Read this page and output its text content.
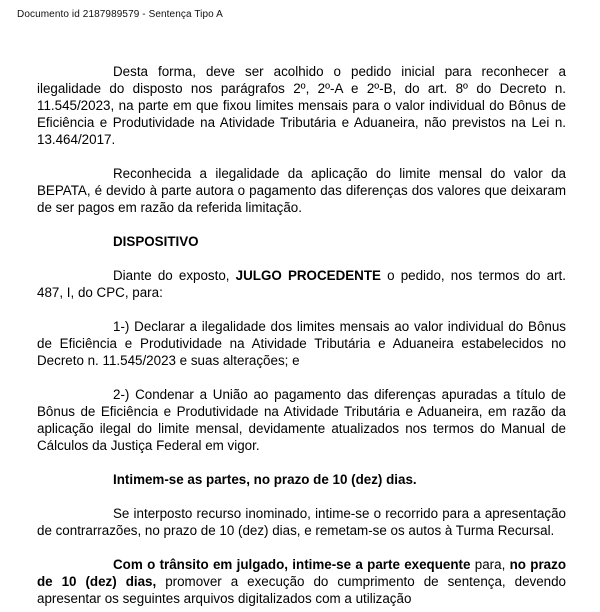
Documento id 2187989579 - Sentença Tipo A

Desta forma, deve ser acolhido o pedido inicial para reconhecer a ilegalidade do disposto nos parágrafos 2º, 2º-A e 2º-B, do art. 8º do Decreto n. 11.545/2023, na parte em que fixou limites mensais para o valor individual do Bônus de Eficiência e Produtividade na Atividade Tributária e Aduaneira, não previstos na Lei n. 13.464/2017.

Reconhecida a ilegalidade da aplicação do limite mensal do valor da BEPATA, é devido à parte autora o pagamento das diferenças dos valores que deixaram de ser pagos em razão da referida limitação.

DISPOSITIVO

Diante do exposto, JULGO PROCEDENTE o pedido, nos termos do art. 487, I, do CPC, para:

1-) Declarar a ilegalidade dos limites mensais ao valor individual do Bônus de Eficiência e Produtividade na Atividade Tributária e Aduaneira estabelecidos no Decreto n. 11.545/2023 e suas alterações; e

2-) Condenar a União ao pagamento das diferenças apuradas a título de Bônus de Eficiência e Produtividade na Atividade Tributária e Aduaneira, em razão da aplicação ilegal do limite mensal, devidamente atualizados nos termos do Manual de Cálculos da Justiça Federal em vigor.

Intimem-se as partes, no prazo de 10 (dez) dias.

Se interposto recurso inominado, intime-se o recorrido para a apresentação de contrarrazões, no prazo de 10 (dez) dias, e remetam-se os autos à Turma Recursal.

Com o trânsito em julgado, intime-se a parte exequente para, no prazo de 10 (dez) dias, promover a execução do cumprimento de sentença, devendo apresentar os seguintes arquivos digitalizados com a utilização
